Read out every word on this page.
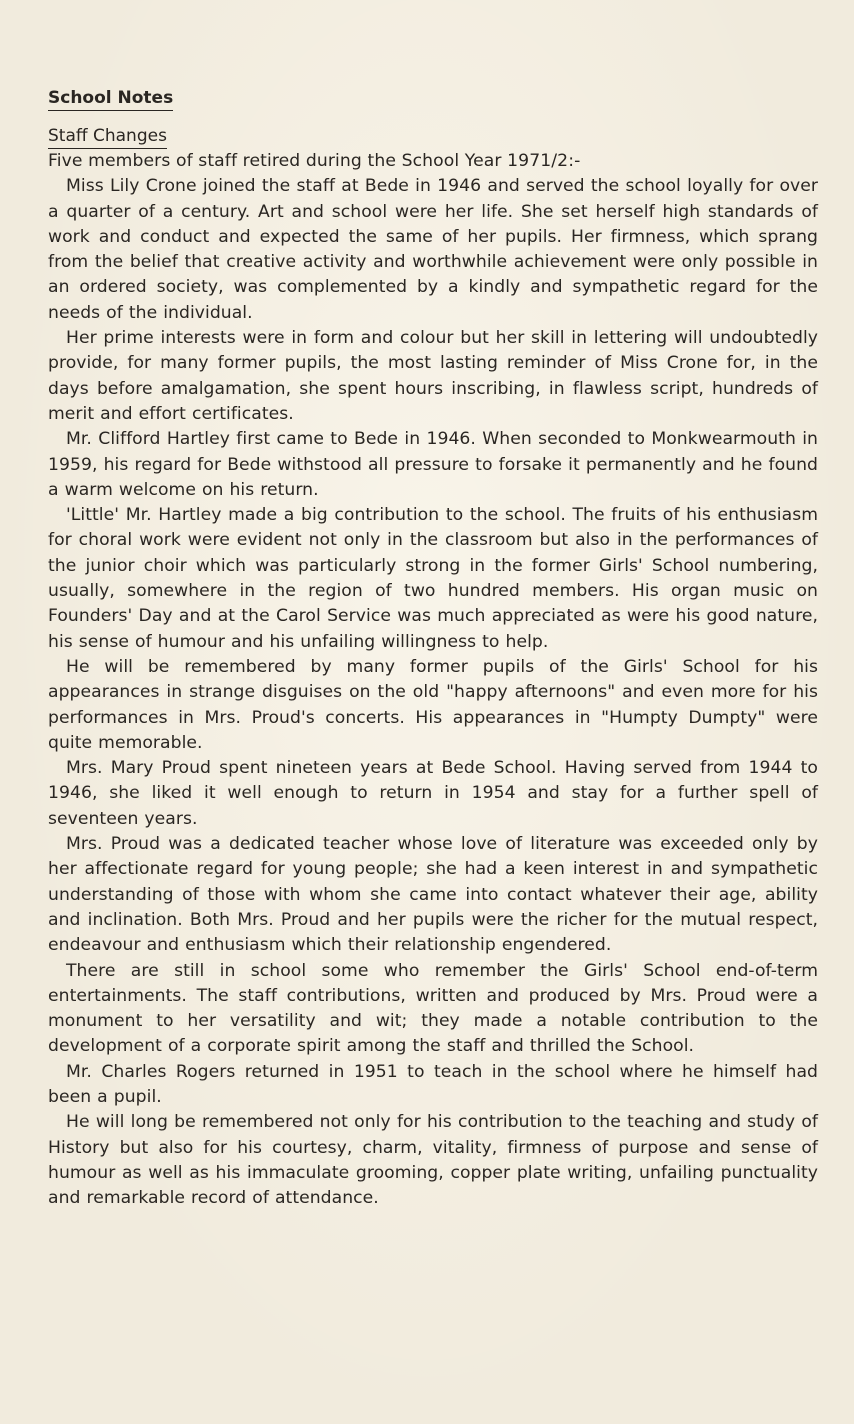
School Notes
Staff Changes

Five members of staff retired during the School Year 1971/2:-

Miss Lily Crone joined the staff at Bede in 1946 and served the school loyally for over a quarter of a century. Art and school were her life. She set herself high standards of work and conduct and expected the same of her pupils. Her firmness, which sprang from the belief that creative activity and worthwhile achievement were only possible in an ordered society, was complemented by a kindly and sympathetic regard for the needs of the individual.

Her prime interests were in form and colour but her skill in lettering will undoubtedly provide, for many former pupils, the most lasting reminder of Miss Crone for, in the days before amalgamation, she spent hours inscribing, in flawless script, hundreds of merit and effort certificates.

Mr. Clifford Hartley first came to Bede in 1946. When seconded to Monkwearmouth in 1959, his regard for Bede withstood all pressure to forsake it permanently and he found a warm welcome on his return.

'Little' Mr. Hartley made a big contribution to the school. The fruits of his enthusiasm for choral work were evident not only in the classroom but also in the performances of the junior choir which was particularly strong in the former Girls' School numbering, usually, somewhere in the region of two hundred members. His organ music on Founders' Day and at the Carol Service was much appreciated as were his good nature, his sense of humour and his unfailing willingness to help.

He will be remembered by many former pupils of the Girls' School for his appearances in strange disguises on the old "happy afternoons" and even more for his performances in Mrs. Proud's concerts. His appearances in "Humpty Dumpty" were quite memorable.

Mrs. Mary Proud spent nineteen years at Bede School. Having served from 1944 to 1946, she liked it well enough to return in 1954 and stay for a further spell of seventeen years.

Mrs. Proud was a dedicated teacher whose love of literature was exceeded only by her affectionate regard for young people; she had a keen interest in and sympathetic understanding of those with whom she came into contact whatever their age, ability and inclination. Both Mrs. Proud and her pupils were the richer for the mutual respect, endeavour and enthusiasm which their relationship engendered.

There are still in school some who remember the Girls' School end-of-term entertainments. The staff contributions, written and produced by Mrs. Proud were a monument to her versatility and wit; they made a notable contribution to the development of a corporate spirit among the staff and thrilled the School.

Mr. Charles Rogers returned in 1951 to teach in the school where he himself had been a pupil.

He will long be remembered not only for his contribution to the teaching and study of History but also for his courtesy, charm, vitality, firmness of purpose and sense of humour as well as his immaculate grooming, copper plate writing, unfailing punctuality and remarkable record of attendance.
